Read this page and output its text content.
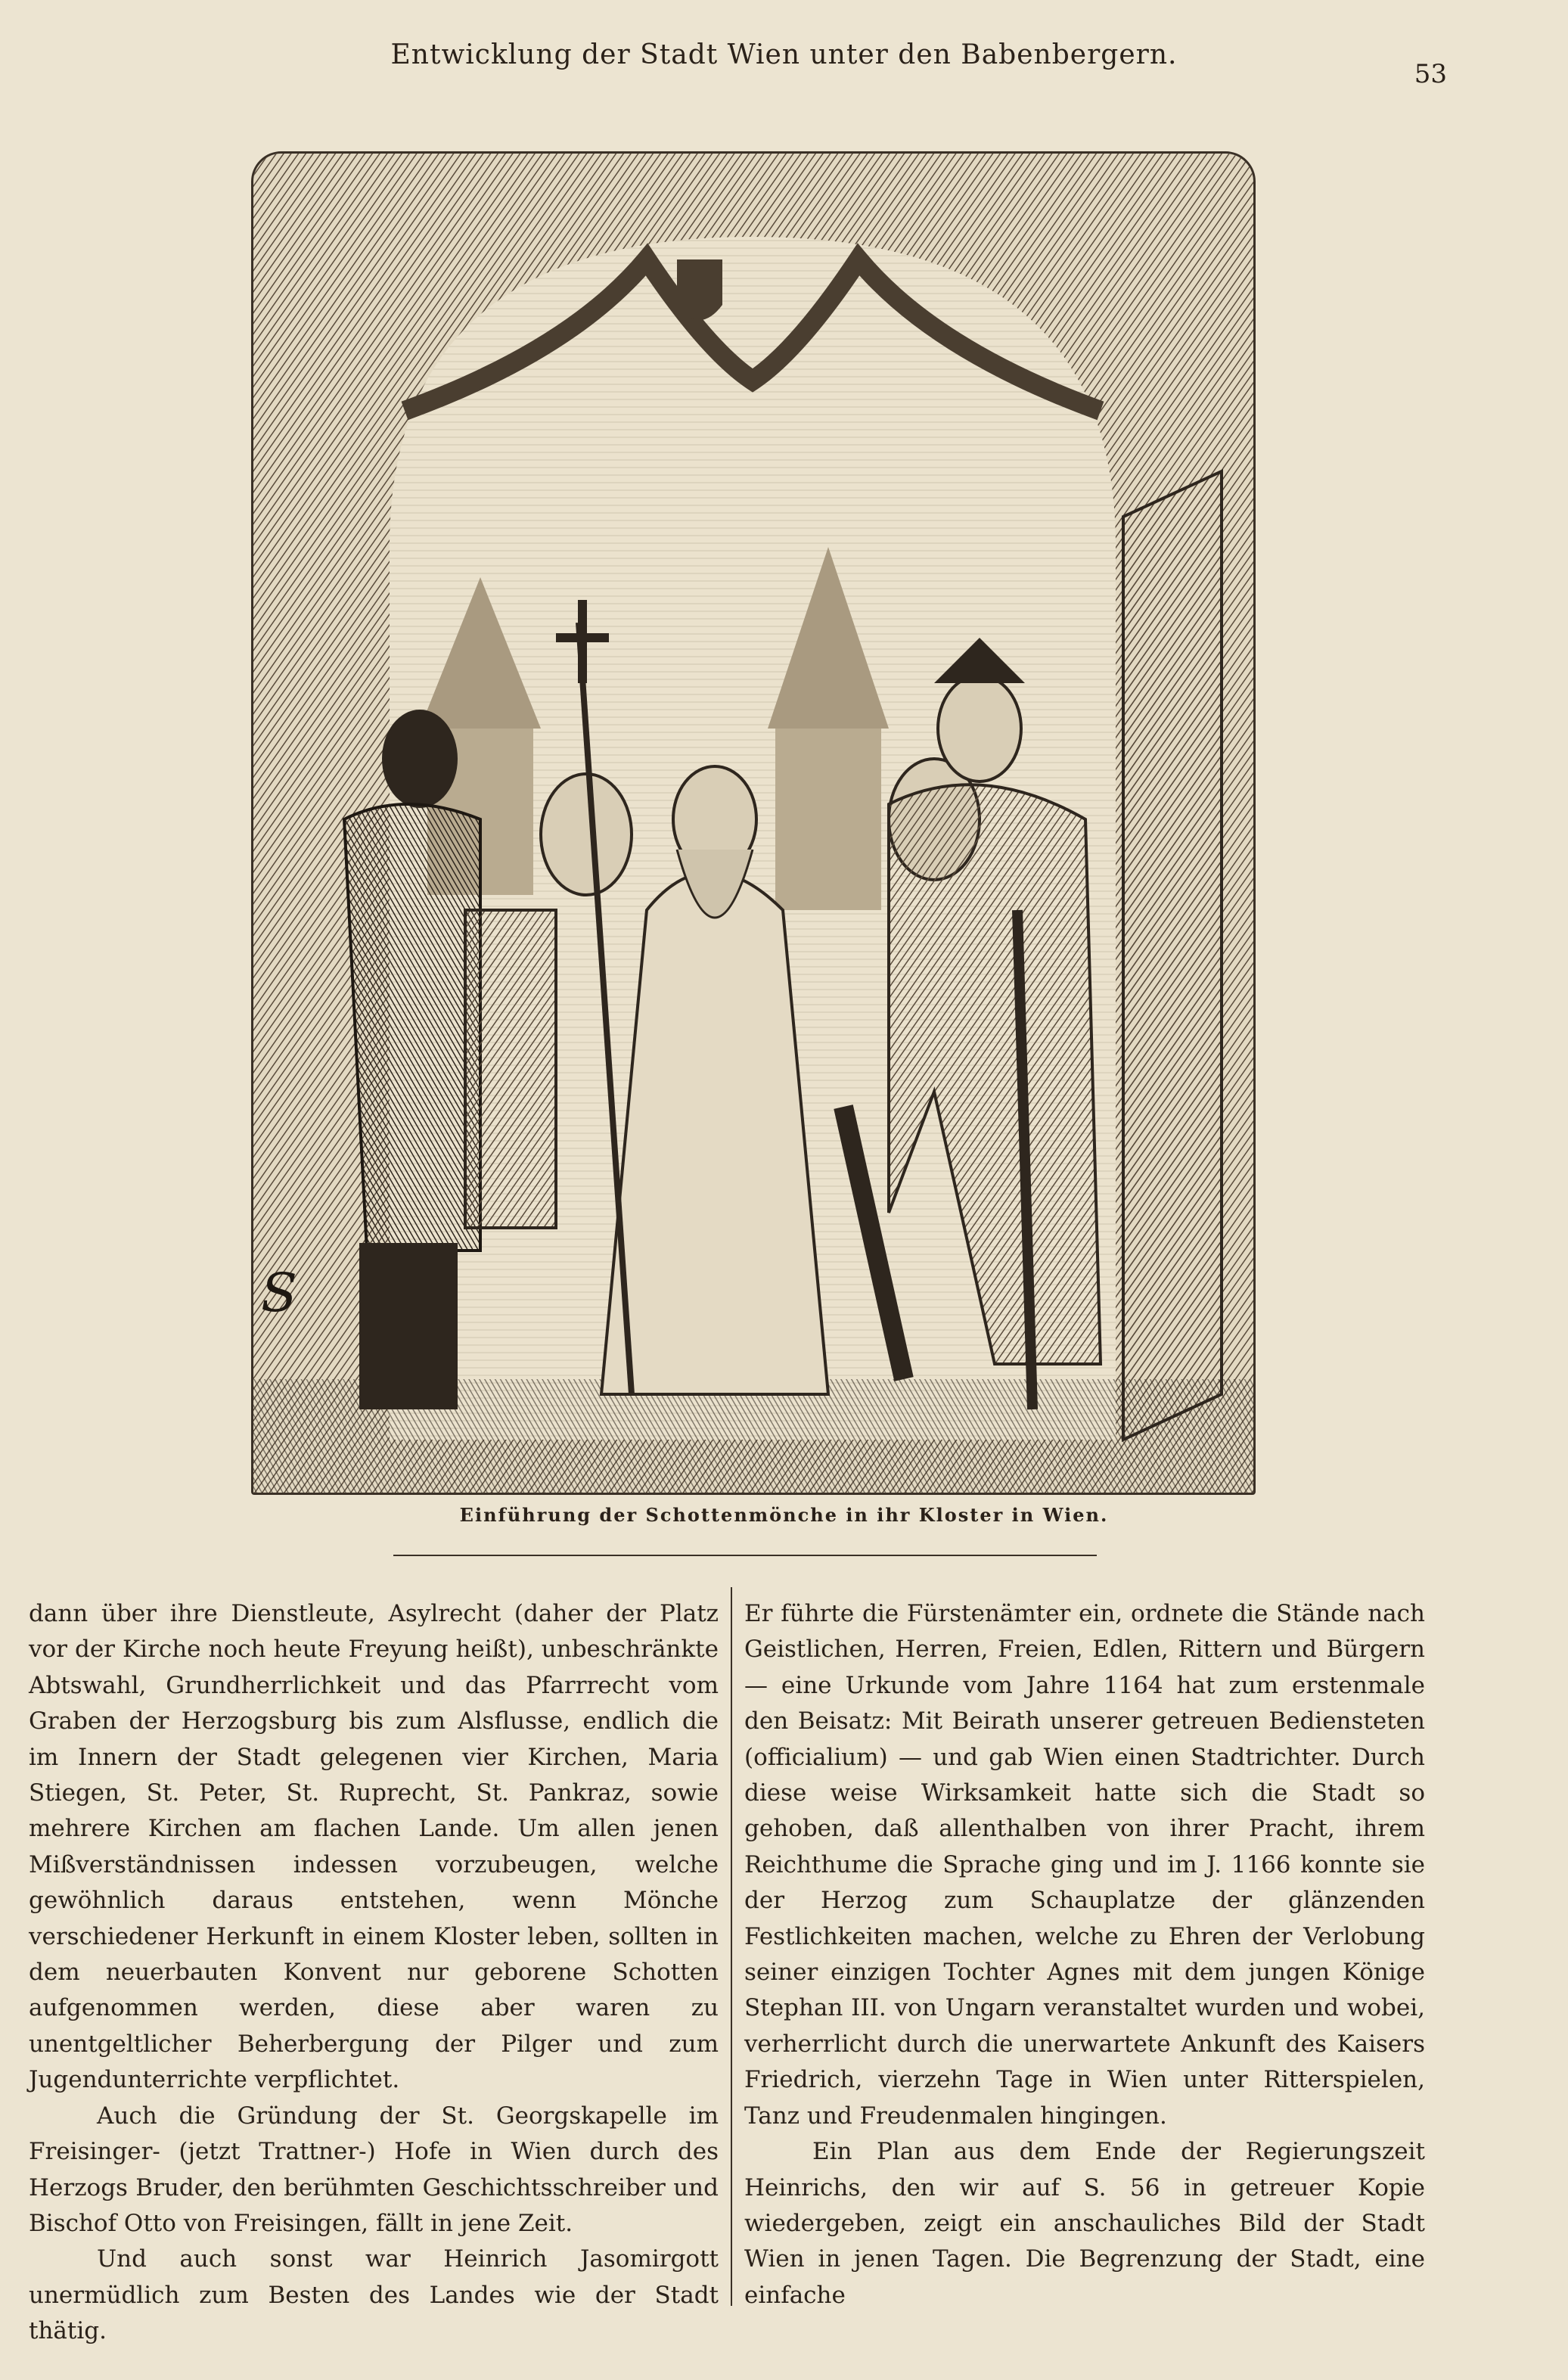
Entwicklung der Stadt Wien unter den Babenbergern.
53
S
Einführung der Schottenmönche in ihr Kloster in Wien.

dann über ihre Dienstleute, Asylrecht (daher der Platz vor der Kirche noch heute Freyung heißt), unbeschränkte Abtswahl, Grundherrlichkeit und das Pfarrrecht vom Graben der Herzogsburg bis zum Alsflusse, endlich die im Innern der Stadt gelegenen vier Kirchen, Maria Stiegen, St. Peter, St. Ruprecht, St. Pankraz, sowie mehrere Kirchen am flachen Lande. Um allen jenen Mißverständnissen indessen vorzubeugen, welche gewöhnlich daraus entstehen, wenn Mönche verschiedener Herkunft in einem Kloster leben, sollten in dem neuerbauten Konvent nur geborene Schotten aufgenommen werden, diese aber waren zu unentgeltlicher Beherbergung der Pilger und zum Jugendunterrichte verpflichtet.

Auch die Gründung der St. Georgskapelle im Freisinger- (jetzt Trattner-) Hofe in Wien durch des Herzogs Bruder, den berühmten Geschichtsschreiber und Bischof Otto von Freisingen, fällt in jene Zeit.

Und auch sonst war Heinrich Jasomirgott unermüdlich zum Besten des Landes wie der Stadt thätig.

Er führte die Fürstenämter ein, ordnete die Stände nach Geistlichen, Herren, Freien, Edlen, Rittern und Bürgern — eine Urkunde vom Jahre 1164 hat zum erstenmale den Beisatz: Mit Beirath unserer getreuen Bediensteten (officialium) — und gab Wien einen Stadtrichter. Durch diese weise Wirksamkeit hatte sich die Stadt so gehoben, daß allenthalben von ihrer Pracht, ihrem Reichthume die Sprache ging und im J. 1166 konnte sie der Herzog zum Schauplatze der glänzenden Festlichkeiten machen, welche zu Ehren der Verlobung seiner einzigen Tochter Agnes mit dem jungen Könige Stephan III. von Ungarn veranstaltet wurden und wobei, verherrlicht durch die unerwartete Ankunft des Kaisers Friedrich, vierzehn Tage in Wien unter Ritterspielen, Tanz und Freudenmalen hingingen.

Ein Plan aus dem Ende der Regierungszeit Heinrichs, den wir auf S. 56 in getreuer Kopie wiedergeben, zeigt ein anschauliches Bild der Stadt Wien in jenen Tagen. Die Begrenzung der Stadt, eine einfache
